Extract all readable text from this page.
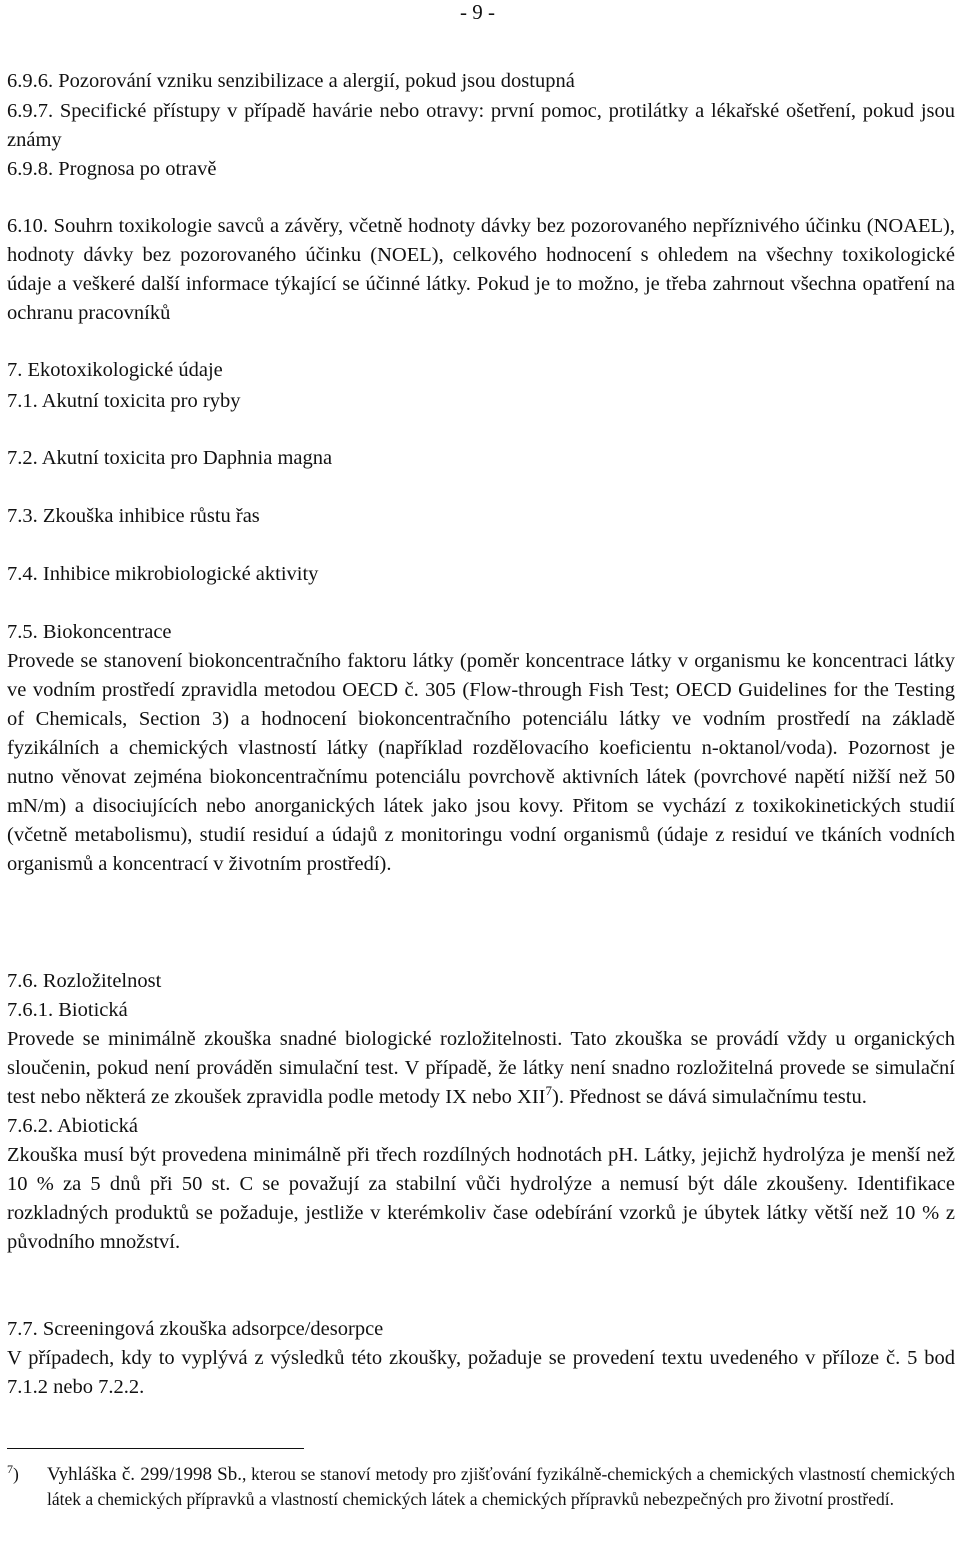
- 9 -

6.9.6. Pozorování vzniku senzibilizace a alergií, pokud jsou dostupná

6.9.7. Specifické přístupy v případě havárie nebo otravy: první pomoc, protilátky a lékařské ošetření, pokud jsou známy

6.9.8. Prognosa po otravě

6.10. Souhrn toxikologie savců a závěry, včetně hodnoty dávky bez pozorovaného nepříznivého účinku (NOAEL), hodnoty dávky bez pozorovaného účinku (NOEL), celkového hodnocení s ohledem na všechny toxikologické údaje a veškeré další informace týkající se účinné látky. Pokud je to možno, je třeba zahrnout všechna opatření na ochranu pracovníků

7. Ekotoxikologické údaje

7.1. Akutní toxicita pro ryby

7.2. Akutní toxicita pro Daphnia magna

7.3. Zkouška inhibice růstu řas

7.4. Inhibice mikrobiologické aktivity

7.5. Biokoncentrace

Provede se stanovení biokoncentračního faktoru látky (poměr koncentrace látky v organismu ke koncentraci látky ve vodním prostředí zpravidla metodou OECD č. 305 (Flow-through Fish Test; OECD Guidelines for the Testing of Chemicals, Section 3) a hodnocení biokoncentračního potenciálu látky ve vodním prostředí na základě fyzikálních a chemických vlastností látky (například rozdělovacího koeficientu n-oktanol/voda). Pozornost je nutno věnovat zejména biokoncentračnímu potenciálu povrchově aktivních látek (povrchové napětí nižší než 50 mN/m) a disociujících nebo anorganických látek jako jsou kovy. Přitom se vychází z toxikokinetických studií (včetně metabolismu), studií residuí a údajů z monitoringu vodní organismů (údaje z residuí ve tkáních vodních organismů a koncentrací v životním prostředí).

7.6. Rozložitelnost

7.6.1. Biotická

Provede se minimálně zkouška snadné biologické rozložitelnosti. Tato zkouška se provádí vždy u organických sloučenin, pokud není prováděn simulační test. V případě, že látky není snadno rozložitelná provede se simulační test nebo některá ze zkoušek zpravidla podle metody IX nebo XII$^7$). Přednost se dává simulačnímu testu.

7.6.2. Abiotická

Zkouška musí být provedena minimálně při třech rozdílných hodnotách pH. Látky, jejichž hydrolýza je menší než 10 % za 5 dnů při 50 st. C se považují za stabilní vůči hydrolýze a nemusí být dále zkoušeny. Identifikace rozkladných produktů se požaduje, jestliže v kterémkoliv čase odebírání vzorků je úbytek látky větší než 10 % z původního množství.

7.7. Screeningová zkouška adsorpce/desorpce

V případech, kdy to vyplývá z výsledků této zkoušky, požaduje se provedení textu uvedeného v příloze č. 5 bod 7.1.2 nebo 7.2.2.

$^7$)	Vyhláška č. 299/1998 Sb., kterou se stanoví metody pro zjišťování fyzikálně-chemických a chemických vlastností chemických látek a chemických přípravků a vlastností chemických látek a chemických přípravků nebezpečných pro životní prostředí.
